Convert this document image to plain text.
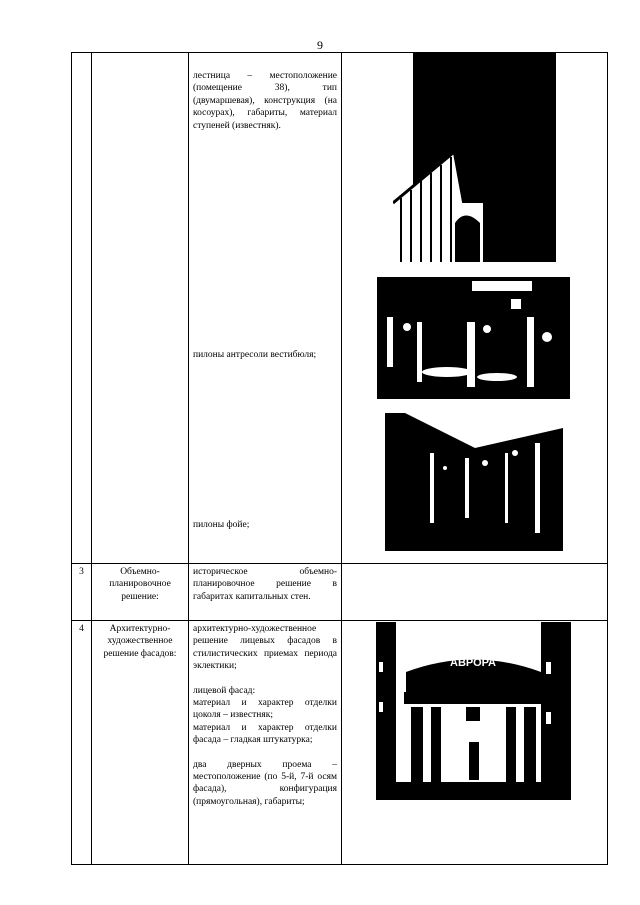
9

		лестница – местоположение (помещение 38), тип (двумаршевая), конструкция (на косоурах), габариты, материал ступеней (известняк).
пилоны антресоли вестибюля;
пилоны фойе;	

3	Объемно-планировочное решение:	историческое объемно-планировочное решение в габаритах капитальных стен.	
4	Архитектурно-художественное решение фасадов:	архитектурно-художественное решение лицевых фасадов в стилистических приемах периода эклектики;
лицевой фасад:
материал и характер отделки цоколя – известняк;
материал и характер отделки фасада – гладкая штукатурка;
два дверных проема – местоположение (по 5-й, 7-й осям фасада), конфигурация (прямоугольная), габариты;	

АВРОРА
